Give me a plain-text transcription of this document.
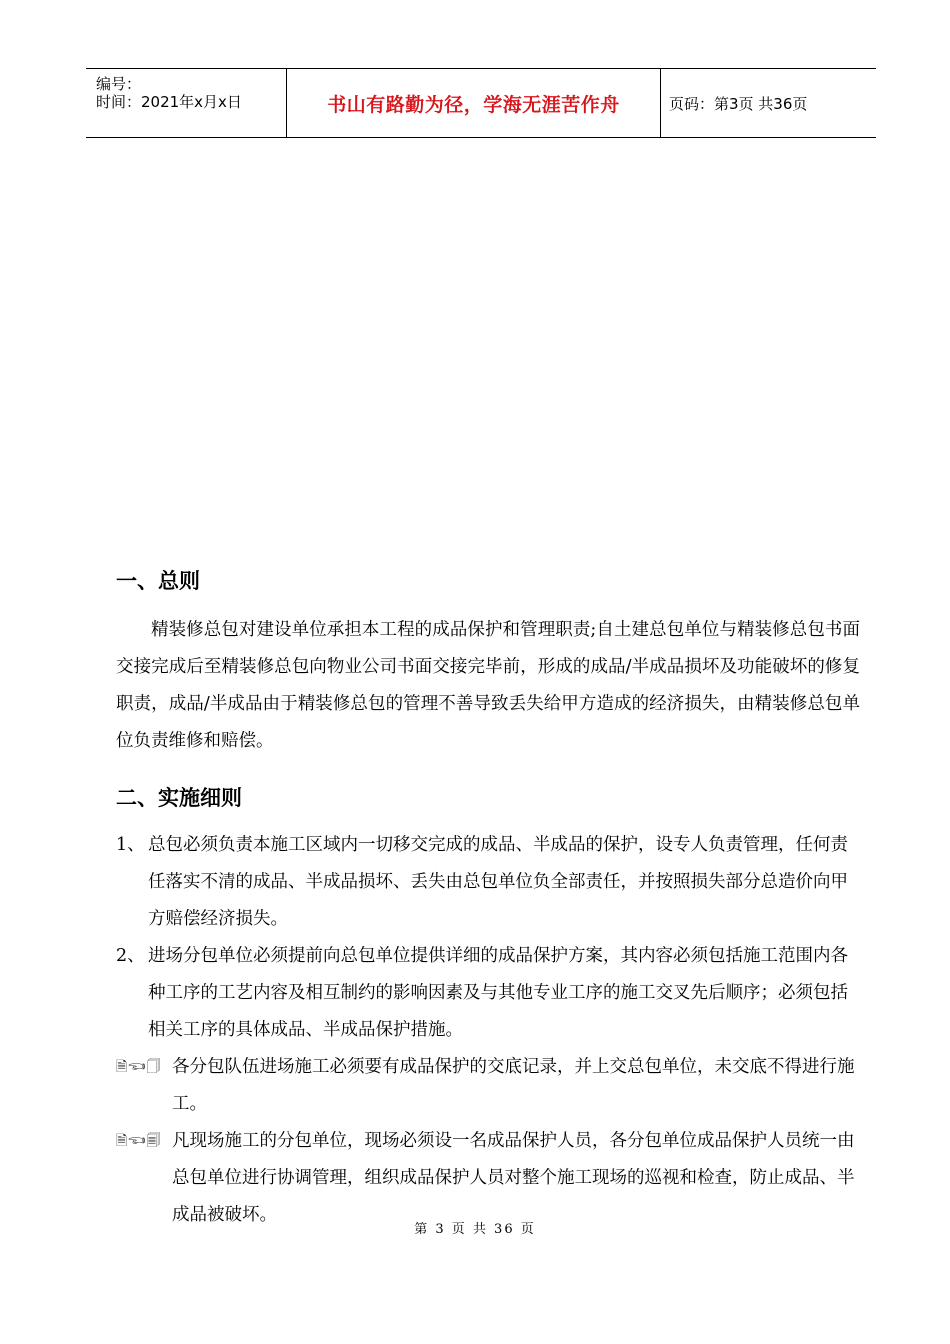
编号：
时间：2021年x月x日	书山有路勤为径，学海无涯苦作舟	页码：第3页 共36页
一、总则
精装修总包对建设单位承担本工程的成品保护和管理职责;自土建总包单位与精装修总包书面交接完成后至精装修总包向物业公司书面交接完毕前，形成的成品/半成品损坏及功能破坏的修复职责，成品/半成品由于精装修总包的管理不善导致丢失给甲方造成的经济损失，由精装修总包单位负责维修和赔偿。
二、实施细则
1、 总包必须负责本施工区域内一切移交完成的成品、半成品的保护，设专人负责管理，任何责任落实不清的成品、半成品损坏、丢失由总包单位负全部责任，并按照损失部分总造价向甲方赔偿经济损失。
2、 进场分包单位必须提前向总包单位提供详细的成品保护方案，其内容必须包括施工范围内各种工序的工艺内容及相互制约的影响因素及与其他专业工序的施工交叉先后顺序；必须包括相关工序的具体成品、半成品保护措施。
🗎🖘🗍 各分包队伍进场施工必须要有成品保护的交底记录，并上交总包单位，未交底不得进行施工。
🗎🖘🗐 凡现场施工的分包单位，现场必须设一名成品保护人员，各分包单位成品保护人员统一由总包单位进行协调管理，组织成品保护人员对整个施工现场的巡视和检查，防止成品、半成品被破坏。
第 3 页 共 36 页
